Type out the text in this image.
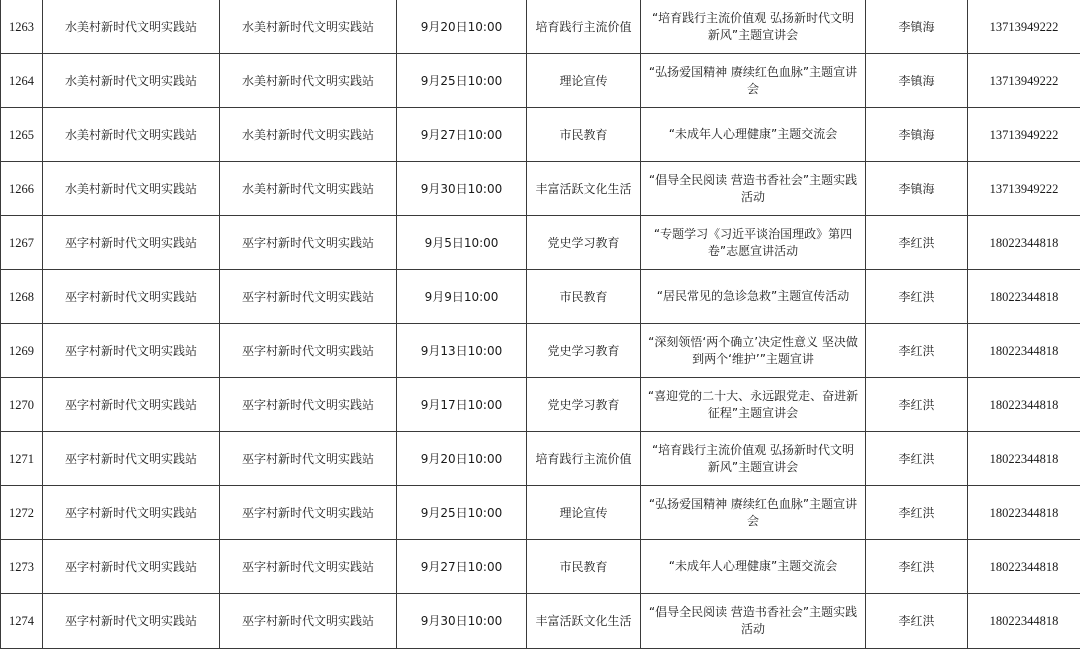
1263	水美村新时代文明实践站	水美村新时代文明实践站	9月20日10:00	培育践行主流价值	“培育践行主流价值观 弘扬新时代文明新风”主题宣讲会	李镇海	13713949222
1264	水美村新时代文明实践站	水美村新时代文明实践站	9月25日10:00	理论宣传	“弘扬爱国精神 赓续红色血脉”主题宣讲会	李镇海	13713949222
1265	水美村新时代文明实践站	水美村新时代文明实践站	9月27日10:00	市民教育	“未成年人心理健康”主题交流会	李镇海	13713949222
1266	水美村新时代文明实践站	水美村新时代文明实践站	9月30日10:00	丰富活跃文化生活	“倡导全民阅读 营造书香社会”主题实践活动	李镇海	13713949222
1267	巫字村新时代文明实践站	巫字村新时代文明实践站	9月5日10:00	党史学习教育	“专题学习《习近平谈治国理政》第四卷”志愿宣讲活动	李红洪	18022344818
1268	巫字村新时代文明实践站	巫字村新时代文明实践站	9月9日10:00	市民教育	“居民常见的急诊急救”主题宣传活动	李红洪	18022344818
1269	巫字村新时代文明实践站	巫字村新时代文明实践站	9月13日10:00	党史学习教育	“深刻领悟‘两个确立’决定性意义 坚决做到两个‘维护’”主题宣讲	李红洪	18022344818
1270	巫字村新时代文明实践站	巫字村新时代文明实践站	9月17日10:00	党史学习教育	“喜迎党的二十大、永远跟党走、奋进新征程”主题宣讲会	李红洪	18022344818
1271	巫字村新时代文明实践站	巫字村新时代文明实践站	9月20日10:00	培育践行主流价值	“培育践行主流价值观 弘扬新时代文明新风”主题宣讲会	李红洪	18022344818
1272	巫字村新时代文明实践站	巫字村新时代文明实践站	9月25日10:00	理论宣传	“弘扬爱国精神 赓续红色血脉”主题宣讲会	李红洪	18022344818
1273	巫字村新时代文明实践站	巫字村新时代文明实践站	9月27日10:00	市民教育	“未成年人心理健康”主题交流会	李红洪	18022344818
1274	巫字村新时代文明实践站	巫字村新时代文明实践站	9月30日10:00	丰富活跃文化生活	“倡导全民阅读 营造书香社会”主题实践活动	李红洪	18022344818
